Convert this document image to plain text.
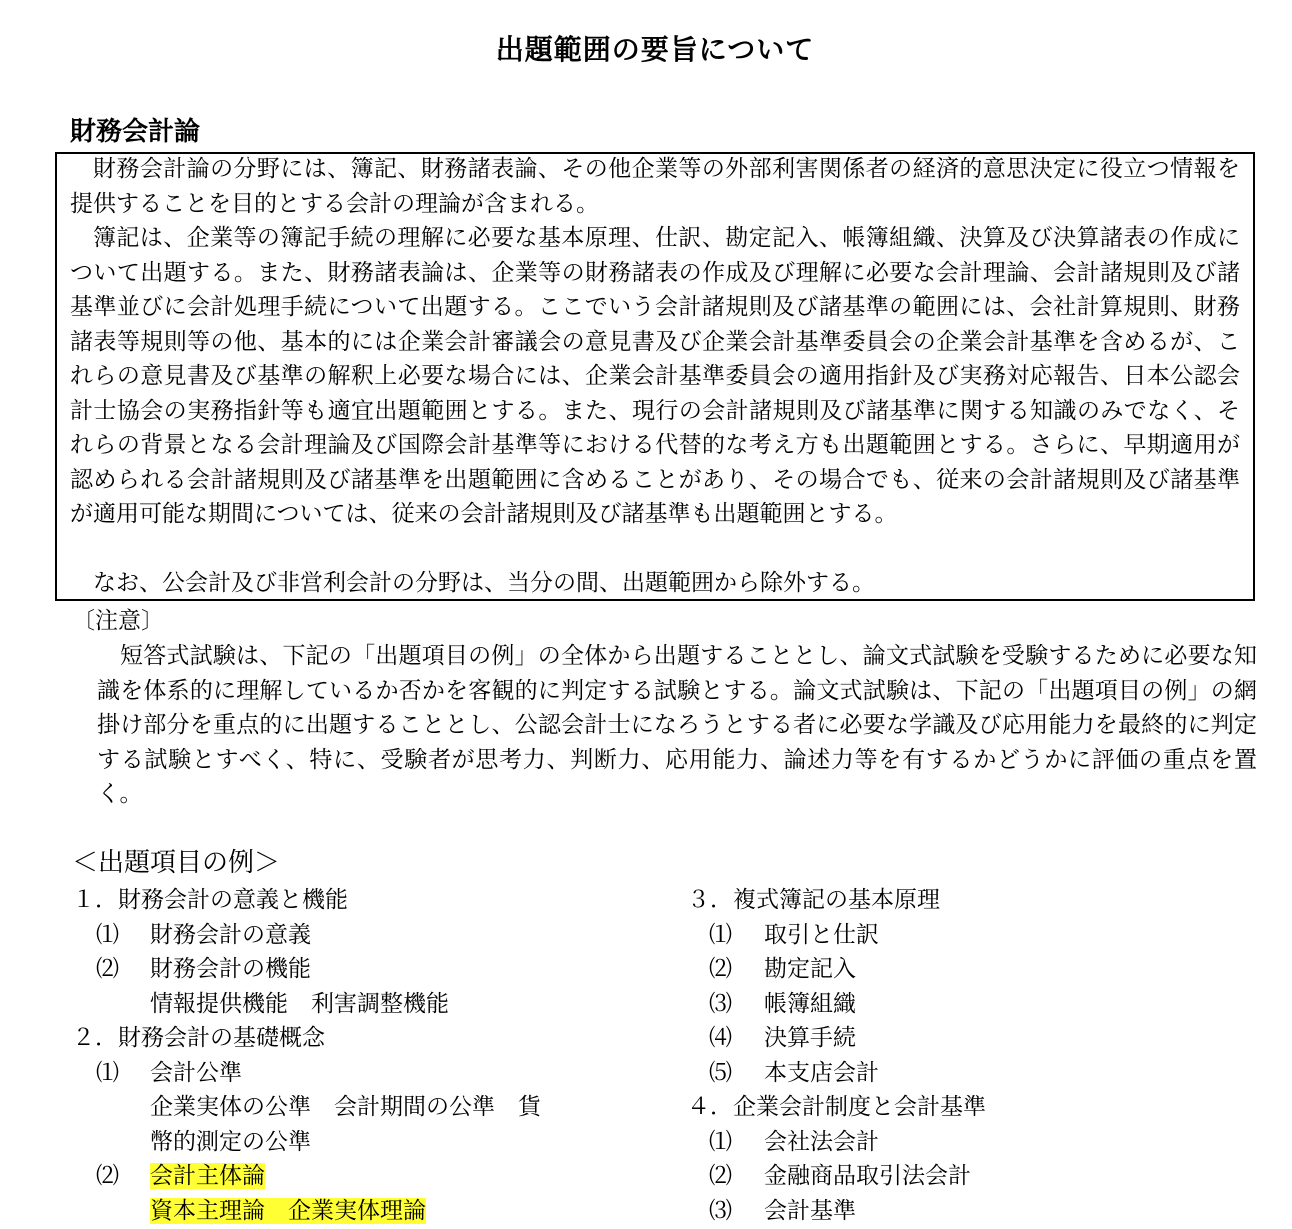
出題範囲の要旨について
財務会計論
財務会計論の分野には、簿記、財務諸表論、その他企業等の外部利害関係者の経済的意思決定に役立つ情報を提供することを目的とする会計の理論が含まれる。
簿記は、企業等の簿記手続の理解に必要な基本原理、仕訳、勘定記入、帳簿組織、決算及び決算諸表の作成について出題する。また、財務諸表論は、企業等の財務諸表の作成及び理解に必要な会計理論、会計諸規則及び諸基準並びに会計処理手続について出題する。ここでいう会計諸規則及び諸基準の範囲には、会社計算規則、財務諸表等規則等の他、基本的には企業会計審議会の意見書及び企業会計基準委員会の企業会計基準を含めるが、これらの意見書及び基準の解釈上必要な場合には、企業会計基準委員会の適用指針及び実務対応報告、日本公認会計士協会の実務指針等も適宜出題範囲とする。また、現行の会計諸規則及び諸基準に関する知識のみでなく、それらの背景となる会計理論及び国際会計基準等における代替的な考え方も出題範囲とする。さらに、早期適用が認められる会計諸規則及び諸基準を出題範囲に含めることがあり、その場合でも、従来の会計諸規則及び諸基準が適用可能な期間については、従来の会計諸規則及び諸基準も出題範囲とする。
なお、公会計及び非営利会計の分野は、当分の間、出題範囲から除外する。
〔注意〕
短答式試験は、下記の「出題項目の例」の全体から出題することとし、論文式試験を受験するために必要な知識を体系的に理解しているか否かを客観的に判定する試験とする。論文式試験は、下記の「出題項目の例」の網掛け部分を重点的に出題することとし、公認会計士になろうとする者に必要な学識及び応用能力を最終的に判定する試験とすべく、特に、受験者が思考力、判断力、応用能力、論述力等を有するかどうかに評価の重点を置く。
＜出題項目の例＞
１．財務会計の意義と機能
⑴ 財務会計の意義
⑵ 財務会計の機能
情報提供機能　利害調整機能
２．財務会計の基礎概念
⑴ 会計公準
企業実体の公準　会計期間の公準　貨
幣的測定の公準
⑵ 会計主体論
資本主理論　企業実体理論
３．複式簿記の基本原理
⑴ 取引と仕訳
⑵ 勘定記入
⑶ 帳簿組織
⑷ 決算手続
⑸ 本支店会計
４．企業会計制度と会計基準
⑴ 会社法会計
⑵ 金融商品取引法会計
⑶ 会計基準
